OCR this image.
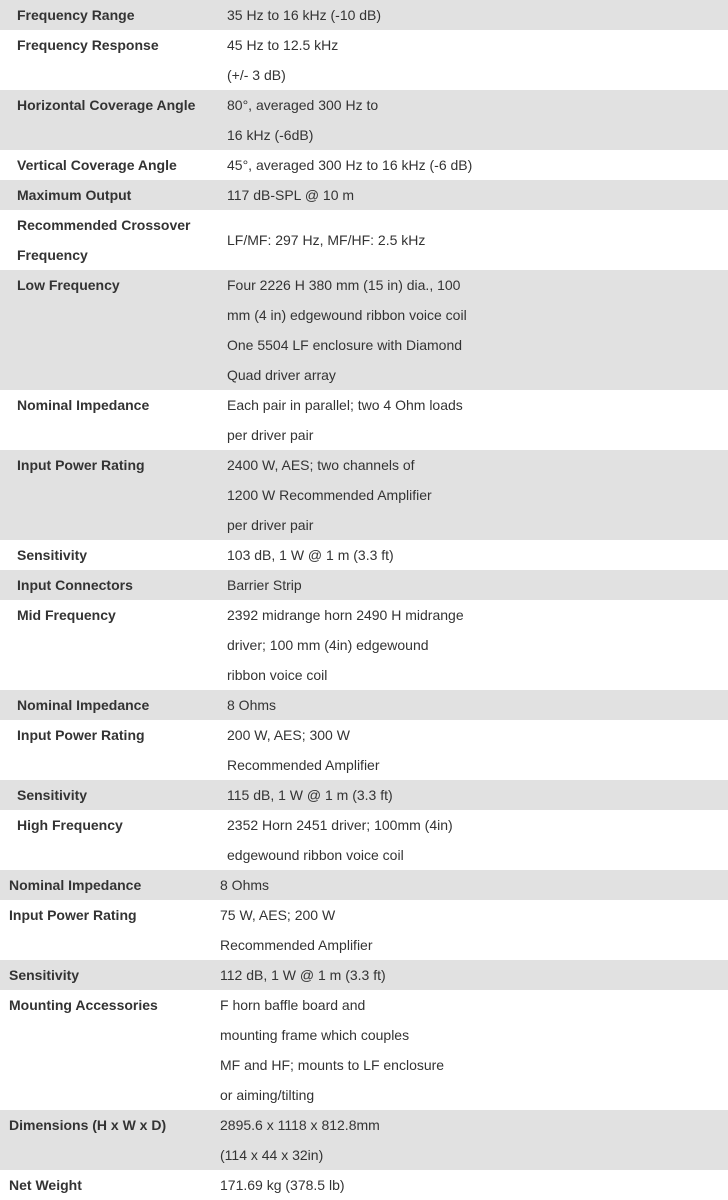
Frequency Range	35 Hz to 16 kHz (-10 dB)
Frequency Response	45 Hz to 12.5 kHz
(+/- 3 dB)
Horizontal Coverage Angle	80°, averaged 300 Hz to
16 kHz (-6dB)
Vertical Coverage Angle	45°, averaged 300 Hz to 16 kHz (-6 dB)
Maximum Output	117 dB-SPL @ 10 m
Recommended Crossover
Frequency
LF/MF: 297 Hz, MF/HF: 2.5 kHz
Low Frequency	Four 2226 H 380 mm (15 in) dia., 100
mm (4 in) edgewound ribbon voice coil
One 5504 LF enclosure with Diamond
Quad driver array
Nominal Impedance	Each pair in parallel; two 4 Ohm loads
per driver pair
Input Power Rating	2400 W, AES; two channels of
1200 W Recommended Amplifier
per driver pair
Sensitivity	103 dB, 1 W @ 1 m (3.3 ft)
Input Connectors	Barrier Strip
Mid Frequency	2392 midrange horn 2490 H midrange
driver; 100 mm (4in) edgewound
ribbon voice coil
Nominal Impedance	8 Ohms
Input Power Rating	200 W, AES; 300 W
Recommended Amplifier
Sensitivity	115 dB, 1 W @ 1 m (3.3 ft)
High Frequency	2352 Horn 2451 driver; 100mm (4in)
edgewound ribbon voice coil
Nominal Impedance	8 Ohms
Input Power Rating	75 W, AES; 200 W
Recommended Amplifier
Sensitivity	112 dB, 1 W @ 1 m (3.3 ft)
Mounting Accessories	F horn baffle board and
mounting frame which couples
MF and HF; mounts to LF enclosure
or aiming/tilting
Dimensions (H x W x D)	2895.6 x 1118 x 812.8mm
(114 x 44 x 32in)
Net Weight	171.69 kg (378.5 lb)
